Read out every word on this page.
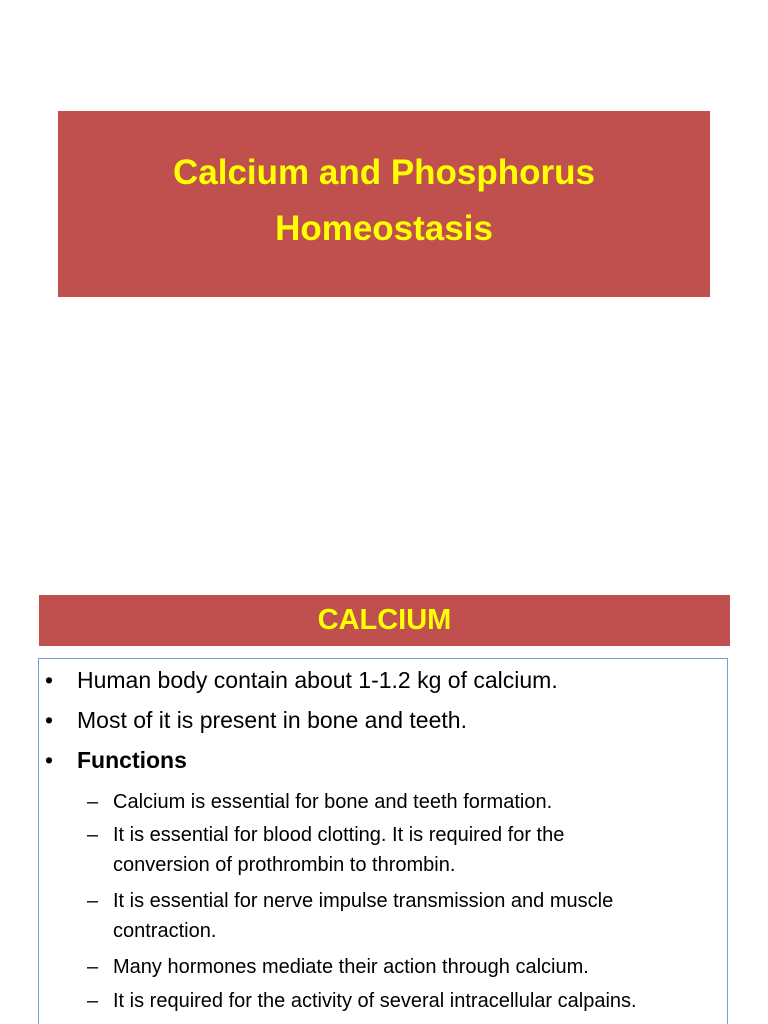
Calcium and Phosphorus
Homeostasis
CALCIUM
•	Human body contain about 1-1.2 kg of calcium.
•	Most of it is present in bone and teeth.
•	Functions
– Calcium is essential for bone and teeth formation.
– It is essential for blood clotting. It is required for the
conversion of prothrombin to thrombin.
– It is essential for nerve impulse transmission and muscle
contraction.
– Many hormones mediate their action through calcium.
– It is required for the activity of several intracellular calpains.
